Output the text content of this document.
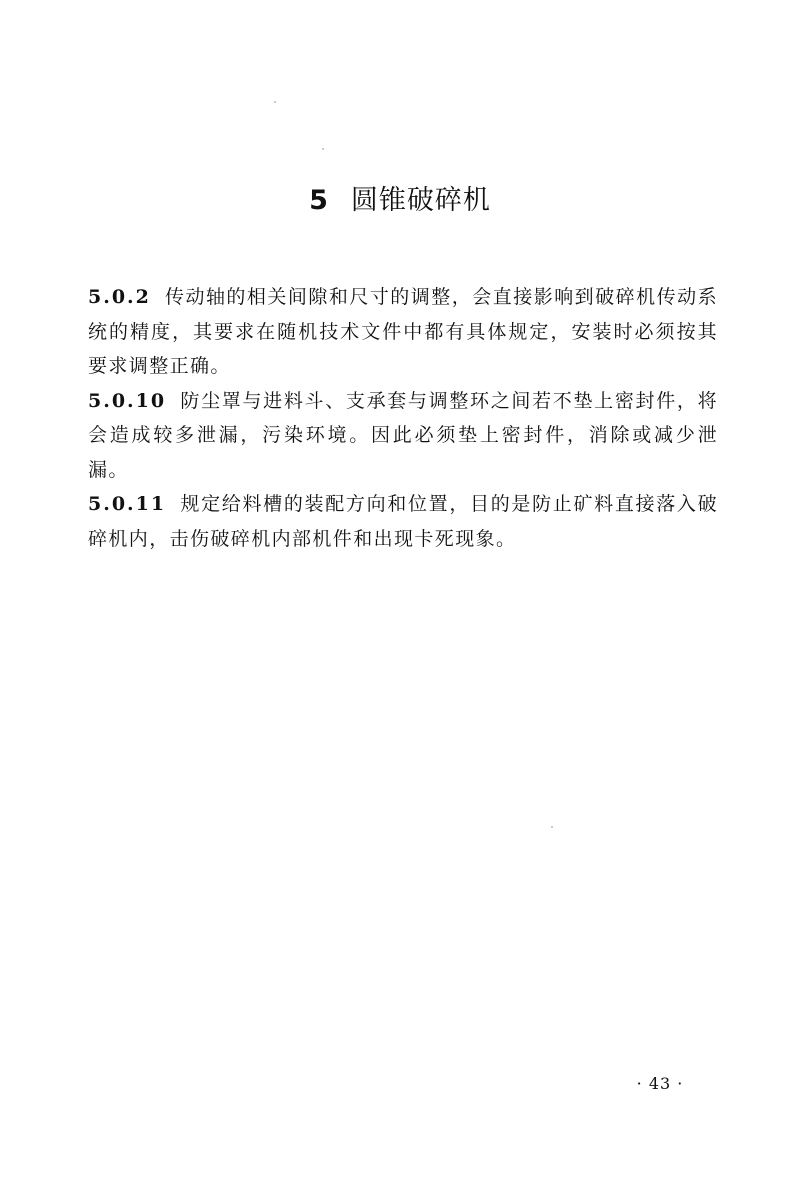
5 圆锥破碎机

5.0.2 传动轴的相关间隙和尺寸的调整，会直接影响到破碎机传动系统的精度，其要求在随机技术文件中都有具体规定，安装时必须按其要求调整正确。

5.0.10 防尘罩与进料斗、支承套与调整环之间若不垫上密封件，将会造成较多泄漏，污染环境。因此必须垫上密封件，消除或减少泄漏。

5.0.11 规定给料槽的装配方向和位置，目的是防止矿料直接落入破碎机内，击伤破碎机内部机件和出现卡死现象。

· 43 ·
